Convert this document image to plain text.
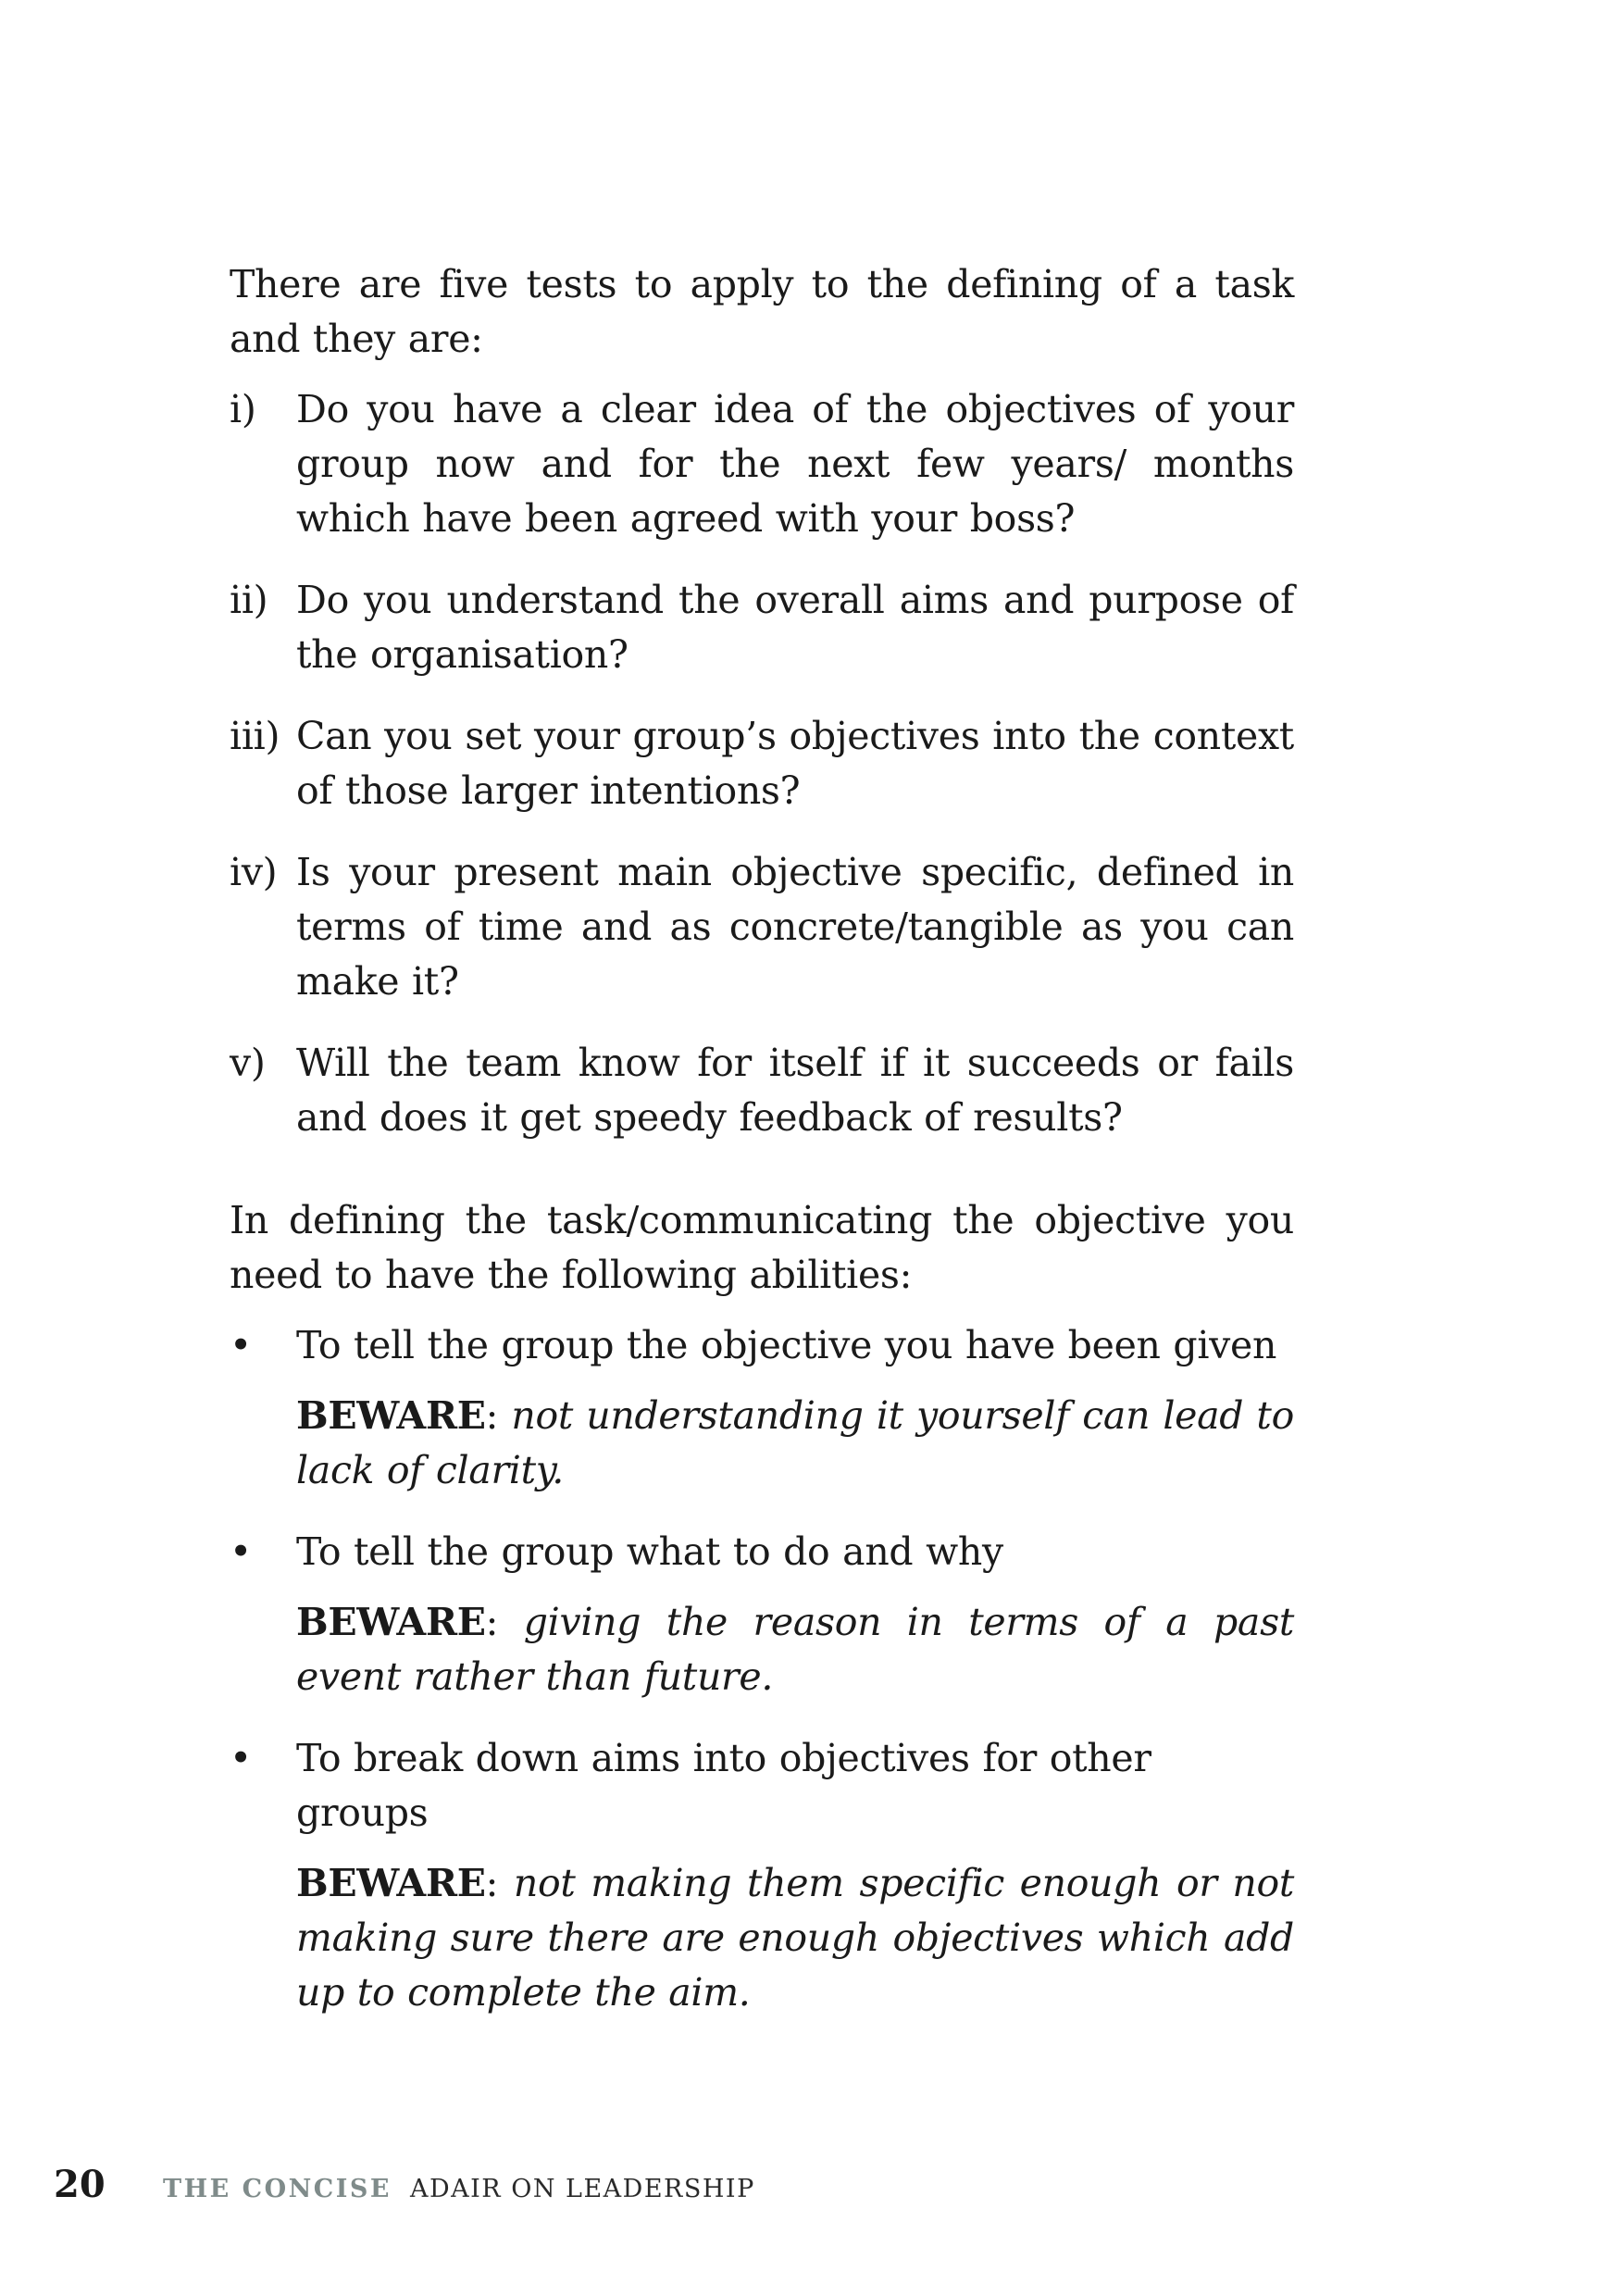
There are five tests to apply to the defining of a task and they are:

i) Do you have a clear idea of the objectives of your group now and for the next few years/ months which have been agreed with your boss?
ii) Do you understand the overall aims and purpose of the organisation?
iii) Can you set your group’s objectives into the context of those larger intentions?
iv) Is your present main objective specific, defined in terms of time and as concrete/tangible as you can make it?
v) Will the team know for itself if it succeeds or fails and does it get speedy feedback of results?

In defining the task/communicating the objective you need to have the following abilities:

• To tell the group the objective you have been given

BEWARE: not understanding it yourself can lead to lack of clarity.

• To tell the group what to do and why

BEWARE: giving the reason in terms of a past event rather than future.

• To break down aims into objectives for other groups

BEWARE: not making them specific enough or not making sure there are enough objectives which add up to complete the aim.

20	THE CONCISE ADAIR ON LEADERSHIP
